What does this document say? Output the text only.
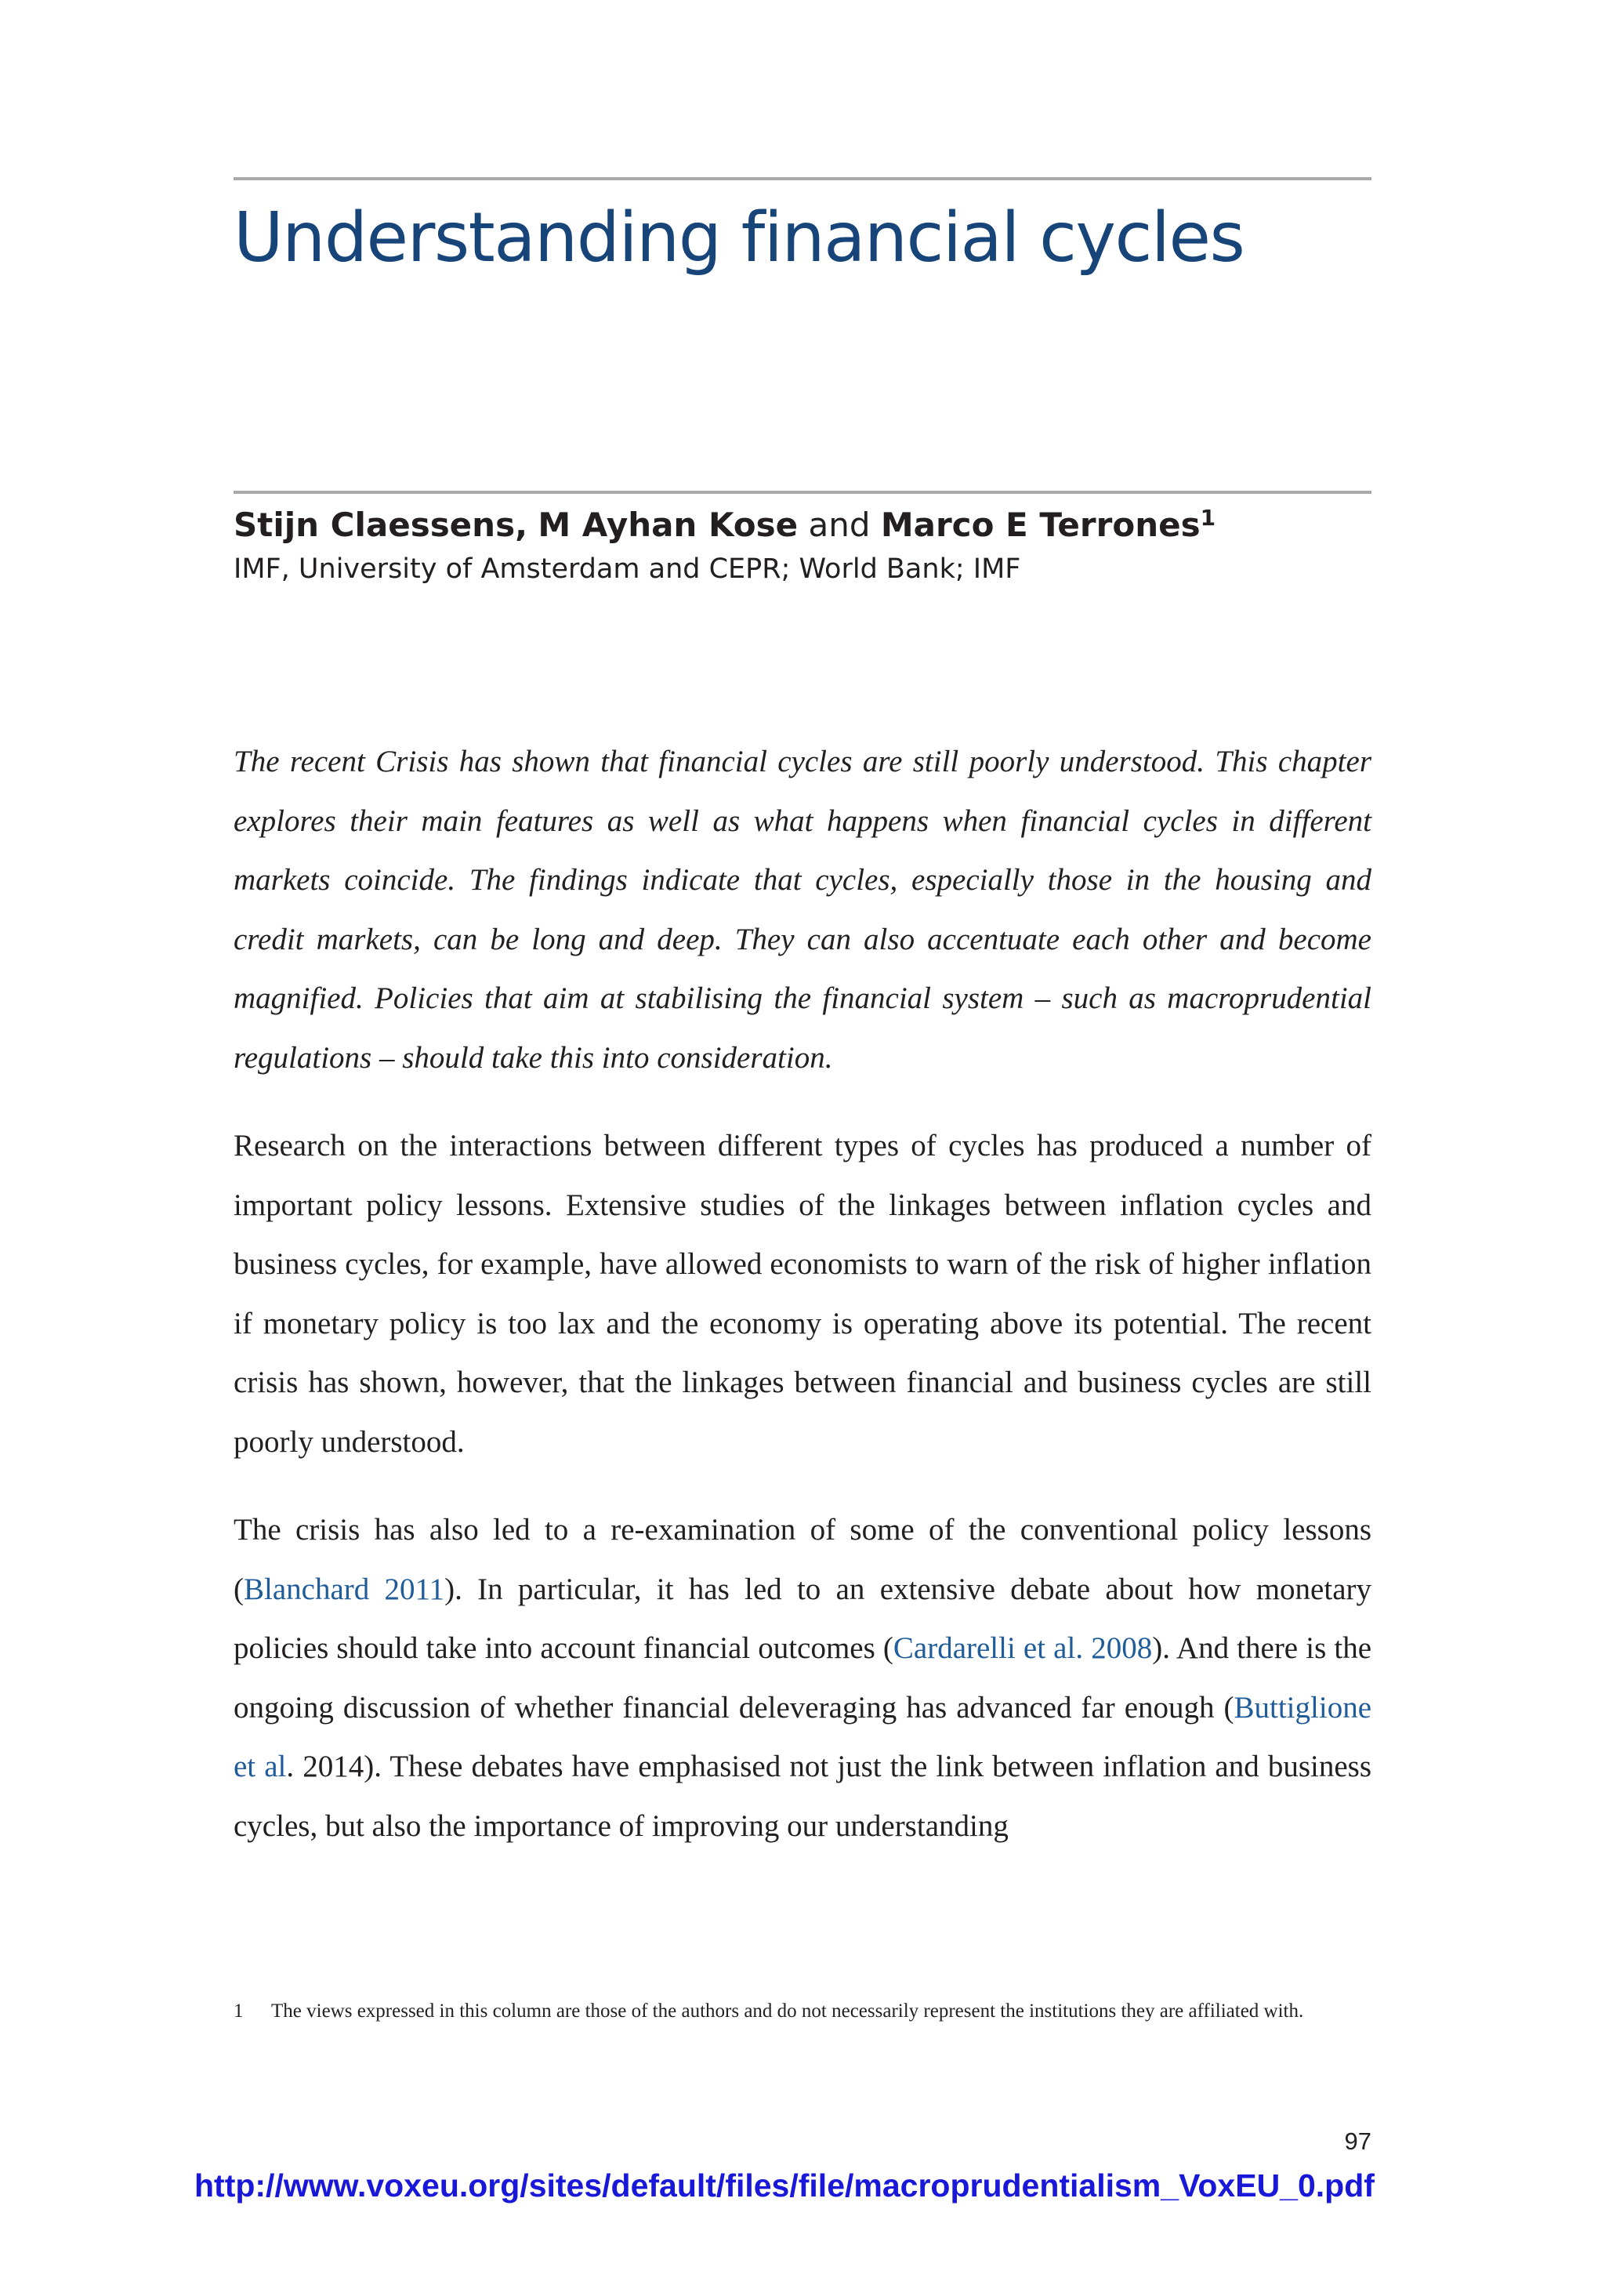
Understanding financial cycles
Stijn Claessens, M Ayhan Kose and Marco E Terrones$^1$
IMF, University of Amsterdam and CEPR; World Bank; IMF

The recent Crisis has shown that financial cycles are still poorly understood. This chapter explores their main features as well as what happens when financial cycles in different markets coincide. The findings indicate that cycles, especially those in the housing and credit markets, can be long and deep. They can also accentuate each other and become magnified. Policies that aim at stabilising the financial system – such as macroprudential regulations – should take this into consideration.

Research on the interactions between different types of cycles has produced a number of important policy lessons. Extensive studies of the linkages between inflation cycles and business cycles, for example, have allowed economists to warn of the risk of higher inflation if monetary policy is too lax and the economy is operating above its potential. The recent crisis has shown, however, that the linkages between financial and business cycles are still poorly understood.

The crisis has also led to a re-examination of some of the conventional policy lessons (Blanchard 2011). In particular, it has led to an extensive debate about how monetary policies should take into account financial outcomes (Cardarelli et al. 2008). And there is the ongoing discussion of whether financial deleveraging has advanced far enough (Buttiglione et al. 2014). These debates have emphasised not just the link between inflation and business cycles, but also the importance of improving our understanding

1 The views expressed in this column are those of the authors and do not necessarily represent the institutions they are affiliated with.
97
http://www.voxeu.org/sites/default/files/file/macroprudentialism_VoxEU_0.pdf
